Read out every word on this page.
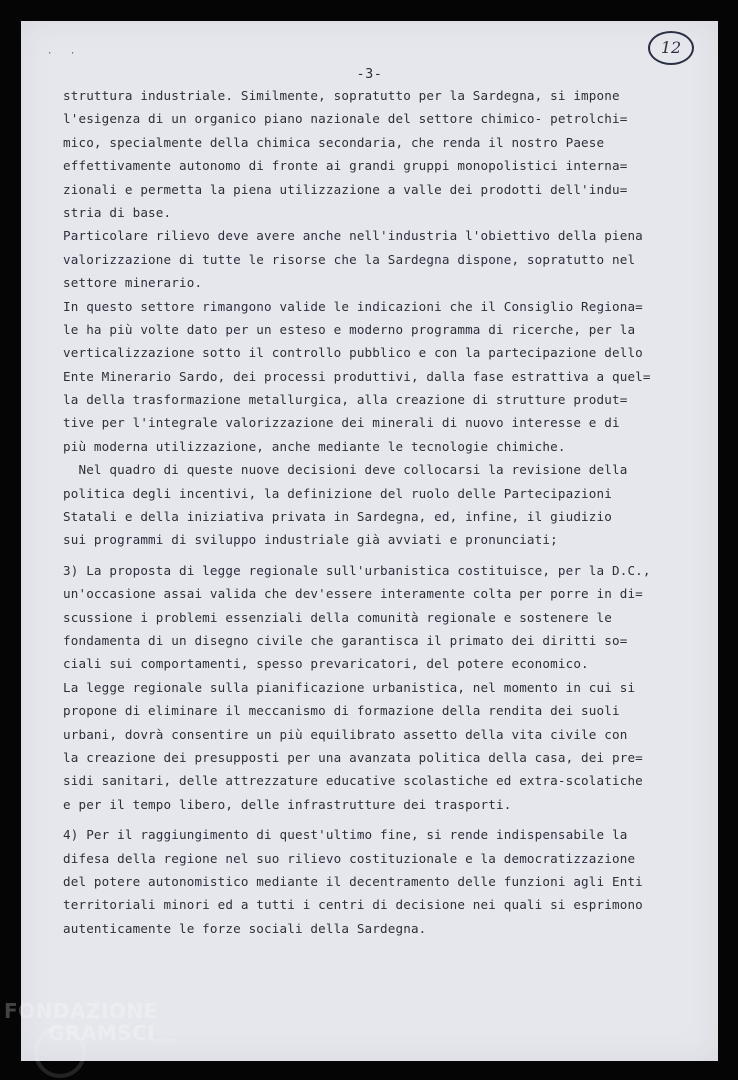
· ·
-3-
12
struttura industriale. Similmente, sopratutto per la Sardegna, si impone
l'esigenza di un organico piano nazionale del settore chimico- petrolchi=
mico, specialmente della chimica secondaria, che renda il nostro Paese
effettivamente autonomo di fronte ai grandi gruppi monopolistici interna=
zionali e permetta la piena utilizzazione a valle dei prodotti dell'indu=
stria di base.
Particolare rilievo deve avere anche nell'industria l'obiettivo della piena
valorizzazione di tutte le risorse che la Sardegna dispone, sopratutto nel
settore minerario.
In questo settore rimangono valide le indicazioni che il Consiglio Regiona=
le ha più volte dato per un esteso e moderno programma di ricerche, per la
verticalizzazione sotto il controllo pubblico e con la partecipazione dello
Ente Minerario Sardo, dei processi produttivi, dalla fase estrattiva a quel=
la della trasformazione metallurgica, alla creazione di strutture produt=
tive per l'integrale valorizzazione dei minerali di nuovo interesse e di
più moderna utilizzazione, anche mediante le tecnologie chimiche.
Nel quadro di queste nuove decisioni deve collocarsi la revisione della
politica degli incentivi, la definizione del ruolo delle Partecipazioni
Statali e della iniziativa privata in Sardegna, ed, infine, il giudizio
sui programmi di sviluppo industriale già avviati e pronunciati;
3) La proposta di legge regionale sull'urbanistica costituisce, per la D.C.,
un'occasione assai valida che dev'essere interamente colta per porre in di=
scussione i problemi essenziali della comunità regionale e sostenere le
fondamenta di un disegno civile che garantisca il primato dei diritti so=
ciali sui comportamenti, spesso prevaricatori, del potere economico.
La legge regionale sulla pianificazione urbanistica, nel momento in cui si
propone di eliminare il meccanismo di formazione della rendita dei suoli
urbani, dovrà consentire un più equilibrato assetto della vita civile con
la creazione dei presupposti per una avanzata politica della casa, dei pre=
sidi sanitari, delle attrezzature educative scolastiche ed extra-scolatiche
e per il tempo libero, delle infrastrutture dei trasporti.
4) Per il raggiungimento di quest'ultimo fine, si rende indispensabile la
difesa della regione nel suo rilievo costituzionale e la democratizzazione
del potere autonomistico mediante il decentramento delle funzioni agli Enti
territoriali minori ed a tutti i centri di decisione nei quali si esprimono
autenticamente le forze sociali della Sardegna.
FONDAZIONE
GRAMSCI
onlus
